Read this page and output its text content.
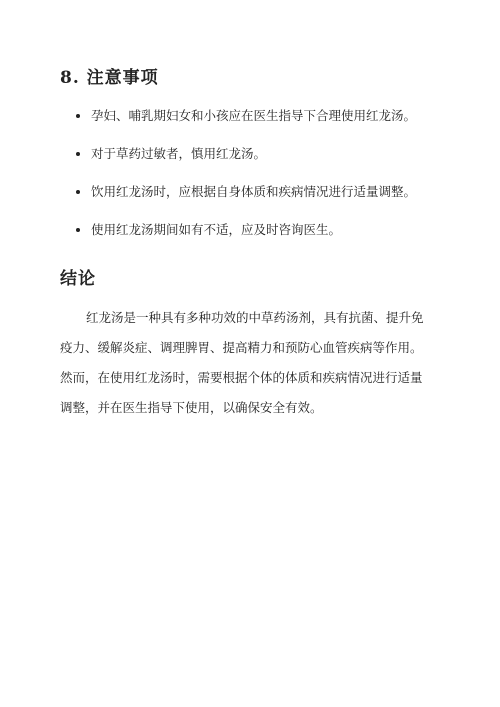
8. 注意事项
孕妇、哺乳期妇女和小孩应在医生指导下合理使用红龙汤。
对于草药过敏者，慎用红龙汤。
饮用红龙汤时，应根据自身体质和疾病情况进行适量调整。
使用红龙汤期间如有不适，应及时咨询医生。
结论
红龙汤是一种具有多种功效的中草药汤剂，具有抗菌、提升免
疫力、缓解炎症、调理脾胃、提高精力和预防心血管疾病等作用。
然而，在使用红龙汤时，需要根据个体的体质和疾病情况进行适量
调整，并在医生指导下使用，以确保安全有效。
